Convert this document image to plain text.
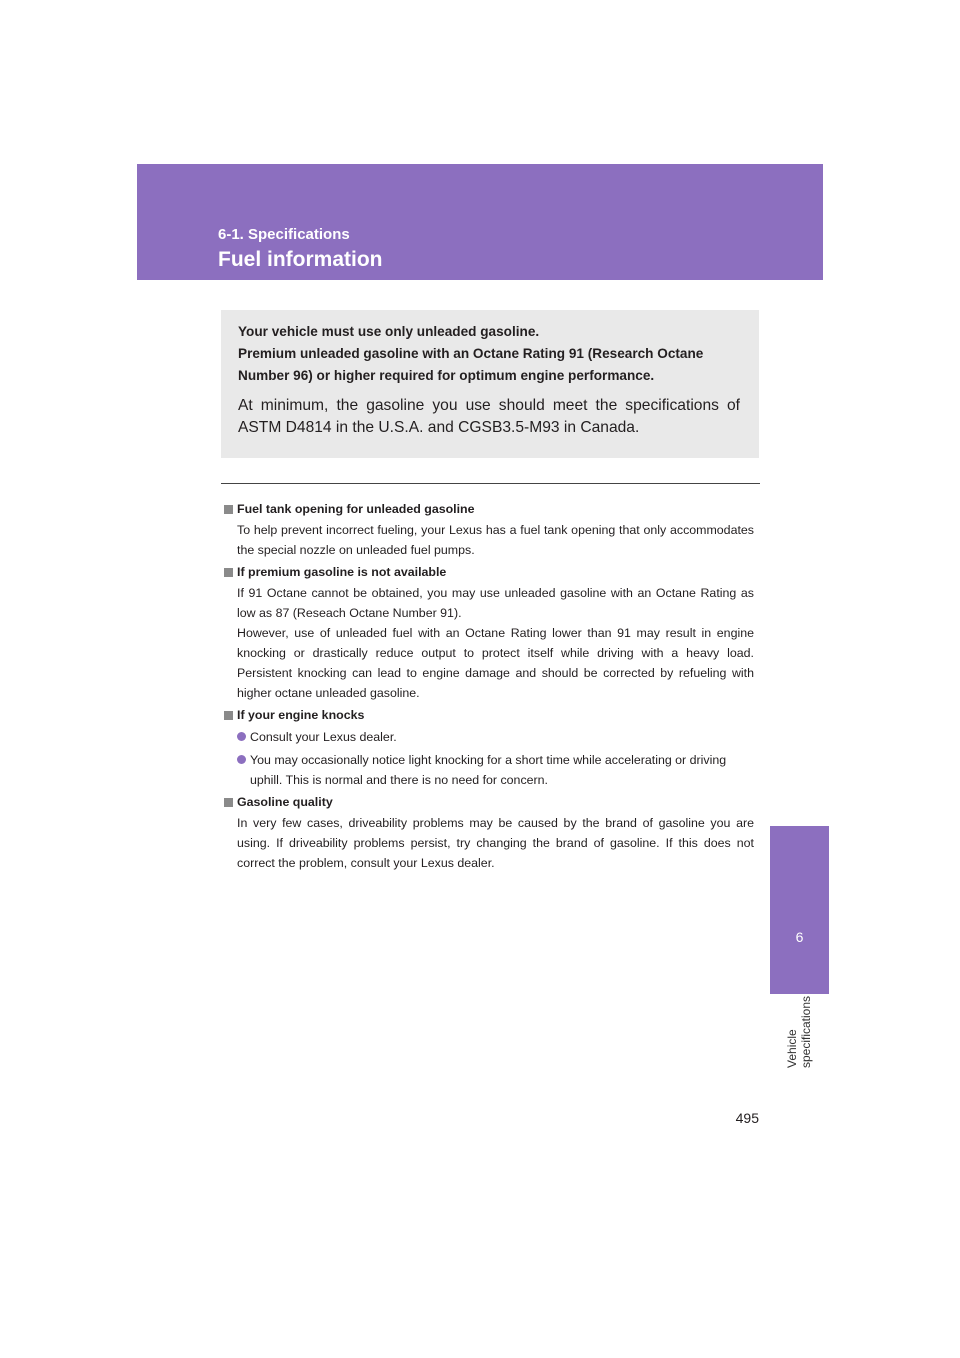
6-1. Specifications
Fuel information
6
Vehicle specifications

Your vehicle must use only unleaded gasoline.

Premium unleaded gasoline with an Octane Rating 91 (Research Octane Number 96) or higher required for optimum engine performance.

At minimum, the gasoline you use should meet the specifications of ASTM D4814 in the U.S.A. and CGSB3.5-M93 in Canada.

Fuel tank opening for unleaded gasoline

To help prevent incorrect fueling, your Lexus has a fuel tank opening that only accommodates the special nozzle on unleaded fuel pumps.

If premium gasoline is not available

If 91 Octane cannot be obtained, you may use unleaded gasoline with an Octane Rating as low as 87 (Reseach Octane Number 91).

However, use of unleaded fuel with an Octane Rating lower than 91 may result in engine knocking or drastically reduce output to protect itself while driving with a heavy load. Persistent knocking can lead to engine damage and should be corrected by refueling with higher octane unleaded gasoline.

If your engine knocks

Consult your Lexus dealer.
You may occasionally notice light knocking for a short time while accelerating or driving uphill. This is normal and there is no need for concern.

Gasoline quality

In very few cases, driveability problems may be caused by the brand of gasoline you are using. If driveability problems persist, try changing the brand of gasoline. If this does not correct the problem, consult your Lexus dealer.

495
